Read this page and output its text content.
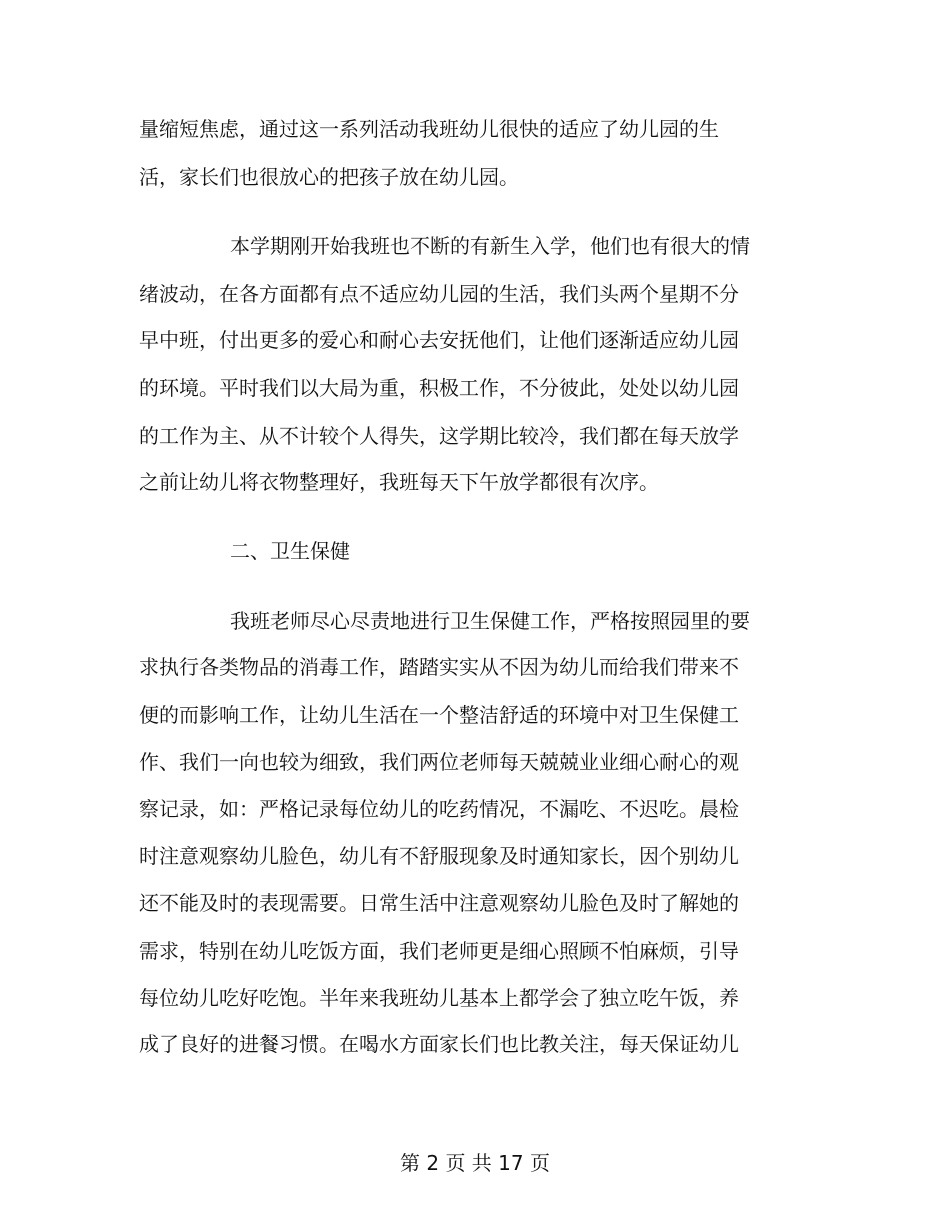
量缩短焦虑，通过这一系列活动我班幼儿很快的适应了幼儿园的生
活，家长们也很放心的把孩子放在幼儿园。
本学期刚开始我班也不断的有新生入学，他们也有很大的情
绪波动，在各方面都有点不适应幼儿园的生活，我们头两个星期不分
早中班，付出更多的爱心和耐心去安抚他们，让他们逐渐适应幼儿园
的环境。平时我们以大局为重，积极工作，不分彼此，处处以幼儿园
的工作为主、从不计较个人得失，这学期比较冷，我们都在每天放学
之前让幼儿将衣物整理好，我班每天下午放学都很有次序。
二、卫生保健
我班老师尽心尽责地进行卫生保健工作，严格按照园里的要
求执行各类物品的消毒工作，踏踏实实从不因为幼儿而给我们带来不
便的而影响工作，让幼儿生活在一个整洁舒适的环境中对卫生保健工
作、我们一向也较为细致，我们两位老师每天兢兢业业细心耐心的观
察记录，如：严格记录每位幼儿的吃药情况，不漏吃、不迟吃。晨检
时注意观察幼儿脸色，幼儿有不舒服现象及时通知家长，因个别幼儿
还不能及时的表现需要。日常生活中注意观察幼儿脸色及时了解她的
需求，特别在幼儿吃饭方面，我们老师更是细心照顾不怕麻烦，引导
每位幼儿吃好吃饱。半年来我班幼儿基本上都学会了独立吃午饭，养
成了良好的进餐习惯。在喝水方面家长们也比教关注，每天保证幼儿
第 2 页 共 17 页
